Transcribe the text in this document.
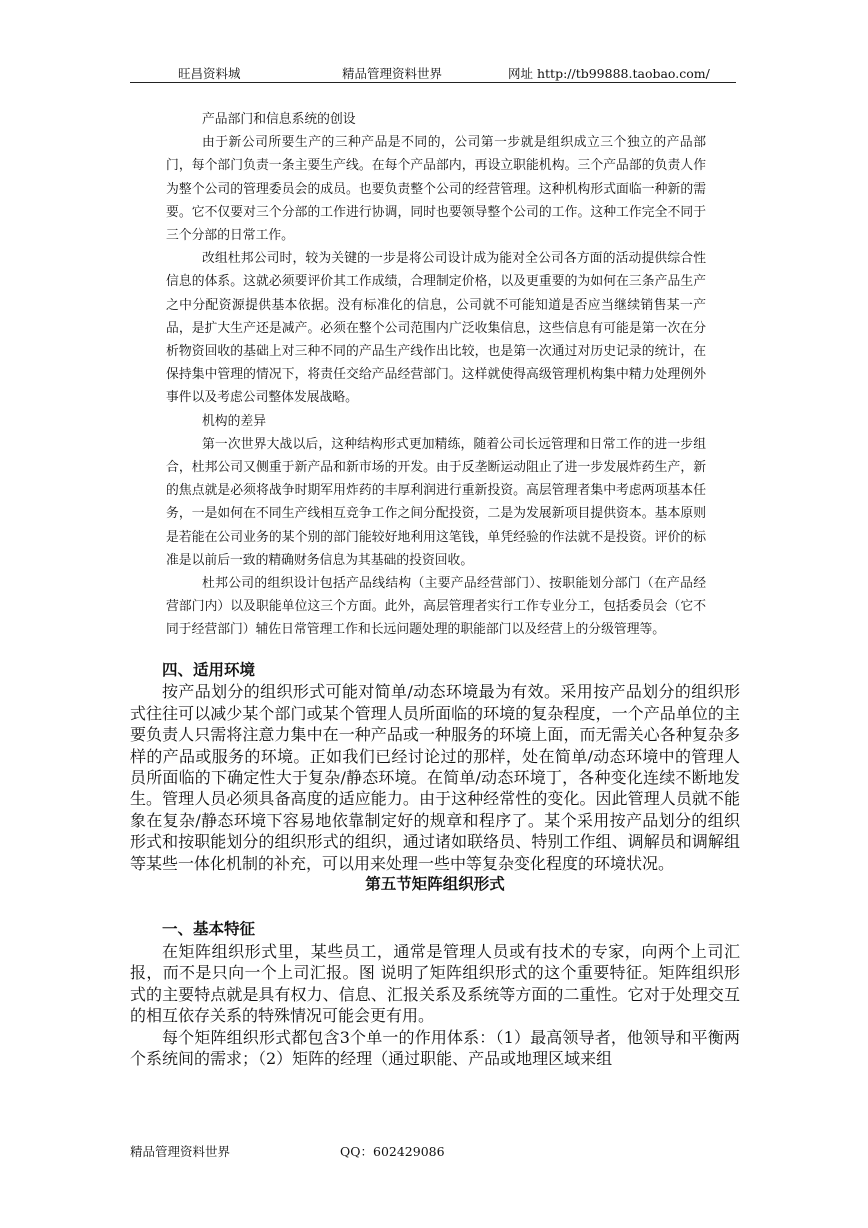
旺昌资料城	精品管理资料世界	网址 http://tb99888.taobao.com/

产品部门和信息系统的创设

由于新公司所要生产的三种产品是不同的，公司第一步就是组织成立三个独立的产品部门，每个部门负责一条主要生产线。在每个产品部内，再设立职能机构。三个产品部的负责人作为整个公司的管理委员会的成员。也要负责整个公司的经营管理。这种机构形式面临一种新的需要。它不仅要对三个分部的工作进行协调，同时也要领导整个公司的工作。这种工作完全不同于三个分部的日常工作。

改组杜邦公司时，较为关键的一步是将公司设计成为能对全公司各方面的活动提供综合性信息的体系。这就必须要评价其工作成绩，合理制定价格，以及更重要的为如何在三条产品生产之中分配资源提供基本依据。没有标准化的信息，公司就不可能知道是否应当继续销售某一产品，是扩大生产还是减产。必须在整个公司范围内广泛收集信息，这些信息有可能是第一次在分析物资回收的基础上对三种不同的产品生产线作出比较，也是第一次通过对历史记录的统计，在保持集中管理的情况下，将责任交给产品经营部门。这样就使得高级管理机构集中精力处理例外事件以及考虑公司整体发展战略。

机构的差异

第一次世界大战以后，这种结构形式更加精练，随着公司长远管理和日常工作的进一步组合，杜邦公司又侧重于新产品和新市场的开发。由于反垄断运动阻止了进一步发展炸药生产，新的焦点就是必须将战争时期军用炸药的丰厚利润进行重新投资。高层管理者集中考虑两项基本任务，一是如何在不同生产线相互竞争工作之间分配投资，二是为发展新项目提供资本。基本原则是若能在公司业务的某个别的部门能较好地利用这笔钱，单凭经验的作法就不是投资。评价的标准是以前后一致的精确财务信息为其基础的投资回收。

杜邦公司的组织设计包括产品线结构（主要产品经营部门）、按职能划分部门（在产品经营部门内）以及职能单位这三个方面。此外，高层管理者实行工作专业分工，包括委员会（它不同于经营部门）辅佐日常管理工作和长远问题处理的职能部门以及经营上的分级管理等。

四、适用环境

按产品划分的组织形式可能对简单/动态环境最为有效。采用按产品划分的组织形式往往可以减少某个部门或某个管理人员所面临的环境的复杂程度，一个产品单位的主要负责人只需将注意力集中在一种产品或一种服务的环境上面，而无需关心各种复杂多样的产品或服务的环境。正如我们已经讨论过的那样，处在简单/动态环境中的管理人员所面临的下确定性大于复杂/静态环境。在简单/动态环境丁，各种变化连续不断地发生。管理人员必须具备高度的适应能力。由于这种经常性的变化。因此管理人员就不能象在复杂/静态环境下容易地依靠制定好的规章和程序了。某个采用按产品划分的组织形式和按职能划分的组织形式的组织，通过诸如联络员、特别工作组、调解员和调解组等某些一体化机制的补充，可以用来处理一些中等复杂变化程度的环境状况。

第五节矩阵组织形式

一、基本特征

在矩阵组织形式里，某些员工，通常是管理人员或有技术的专家，向两个上司汇报，而不是只向一个上司汇报。图 说明了矩阵组织形式的这个重要特征。矩阵组织形式的主要特点就是具有权力、信息、汇报关系及系统等方面的二重性。它对于处理交互的相互依存关系的特殊情况可能会更有用。

每个矩阵组织形式都包含3个单一的作用体系：（1）最高领导者，他领导和平衡两个系统间的需求；（2）矩阵的经理（通过职能、产品或地理区域来组

精品管理资料世界	QQ：602429086
